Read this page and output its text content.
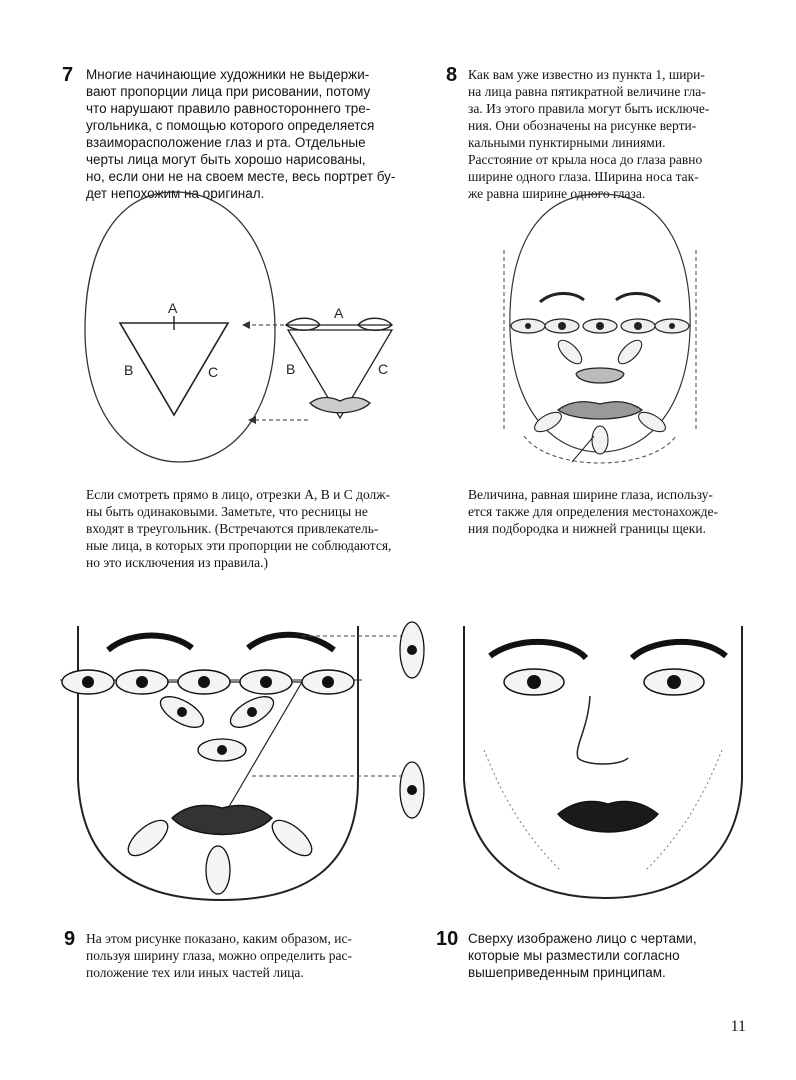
7 Многие начинающие художники не выдержи-
вают пропорции лица при рисовании, потому
что нарушают правило равностороннего тре-
угольника, с помощью которого определяется
взаиморасположение глаз и рта. Отдельные
черты лица могут быть хорошо нарисованы,
но, если они не на своем месте, весь портрет бу-
дет непохожим на оригинал.
A
B	C
A
B	C
Если смотреть прямо в лицо, отрезки А, В и С долж-
ны быть одинаковыми. Заметьте, что ресницы не
входят в треугольник. (Встречаются привлекатель-
ные лица, в которых эти пропорции не соблюдаются,
но это исключения из правила.)
8 Как вам уже известно из пункта 1, шири-
на лица равна пятикратной величине гла-
за. Из этого правила могут быть исключе-
ния. Они обозначены на рисунке верти-
кальными пунктирными линиями.
Расстояние от крыла носа до глаза равно
ширине одного глаза. Ширина носа так-
же равна ширине одного глаза.
Величина, равная ширине глаза, использу-
ется также для определения местонахожде-
ния подбородка и нижней границы щеки.
9 На этом рисунке показано, каким образом, ис-
пользуя ширину глаза, можно определить рас-
положение тех или иных частей лица.
10 Сверху изображено лицо с чертами,
которые мы разместили согласно
вышеприведенным принципам.
11
